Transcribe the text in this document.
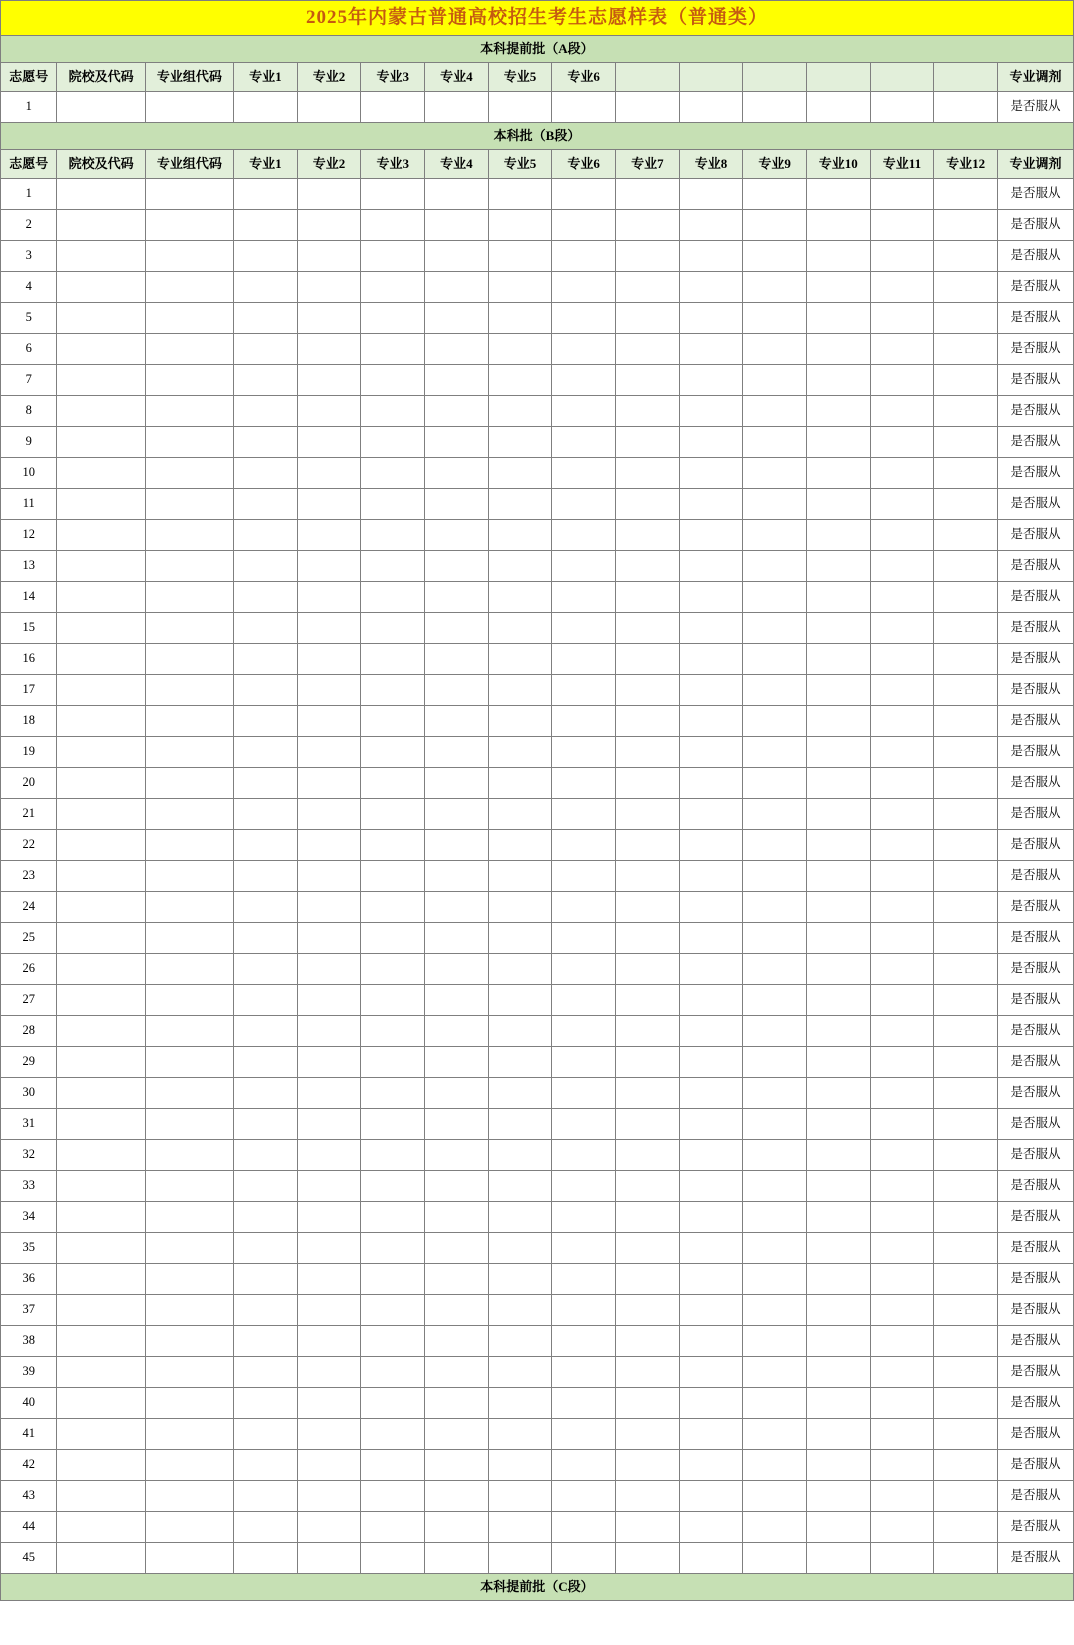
2025年内蒙古普通高校招生考生志愿样表（普通类）															
本科提前批（A段）															
志愿号	院校及代码	专业组代码	专业1	专业2	专业3	专业4	专业5	专业6							专业调剂
1															是否服从
本科批（B段）															
志愿号	院校及代码	专业组代码	专业1	专业2	专业3	专业4	专业5	专业6	专业7	专业8	专业9	专业10	专业11	专业12	专业调剂
1															是否服从
2															是否服从
3															是否服从
4															是否服从
5															是否服从
6															是否服从
7															是否服从
8															是否服从
9															是否服从
10															是否服从
11															是否服从
12															是否服从
13															是否服从
14															是否服从
15															是否服从
16															是否服从
17															是否服从
18															是否服从
19															是否服从
20															是否服从
21															是否服从
22															是否服从
23															是否服从
24															是否服从
25															是否服从
26															是否服从
27															是否服从
28															是否服从
29															是否服从
30															是否服从
31															是否服从
32															是否服从
33															是否服从
34															是否服从
35															是否服从
36															是否服从
37															是否服从
38															是否服从
39															是否服从
40															是否服从
41															是否服从
42															是否服从
43															是否服从
44															是否服从
45															是否服从
本科提前批（C段）															
